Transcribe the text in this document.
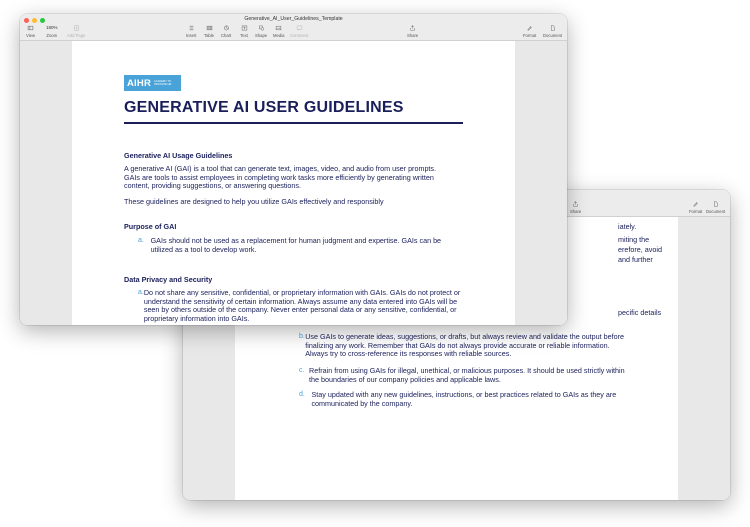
Share	Format Document
iately.
miting the
erefore, avoid
and further
pecific details
b. Use GAIs to generate ideas, suggestions, or drafts, but always review and validate the output before finalizing any work. Remember that GAIs do not always provide accurate or reliable information. Always try to cross-reference its responses with reliable sources.
c. Refrain from using GAIs for illegal, unethical, or malicious purposes. It should be used strictly within the boundaries of our company policies and applicable laws.
d. Stay updated with any new guidelines, instructions, or best practices related to GAIs as they are communicated by the company.
Generative_AI_User_Guidelines_Template
View
180%
Zoom Add Page	Insert Table Chart Text Shape Media Comment	Share	Format Document
AIHR ACADEMY TO INNOVATE HR
GENERATIVE AI USER GUIDELINES
Generative AI Usage Guidelines
A generative AI (GAI) is a tool that can generate text, images, video, and audio from user prompts. GAIs are tools to assist employees in completing work tasks more efficiently by generating written content, providing suggestions, or answering questions.
These guidelines are designed to help you utilize GAIs effectively and responsibly
Purpose of GAI
a. GAIs should not be used as a replacement for human judgment and expertise. GAIs can be utilized as a tool to develop work.
Data Privacy and Security
a. Do not share any sensitive, confidential, or proprietary information with GAIs. GAIs do not protect or understand the sensitivity of certain information. Always assume any data entered into GAIs will be seen by others outside of the company. Never enter personal data or any sensitive, confidential, or proprietary information into GAIs.
